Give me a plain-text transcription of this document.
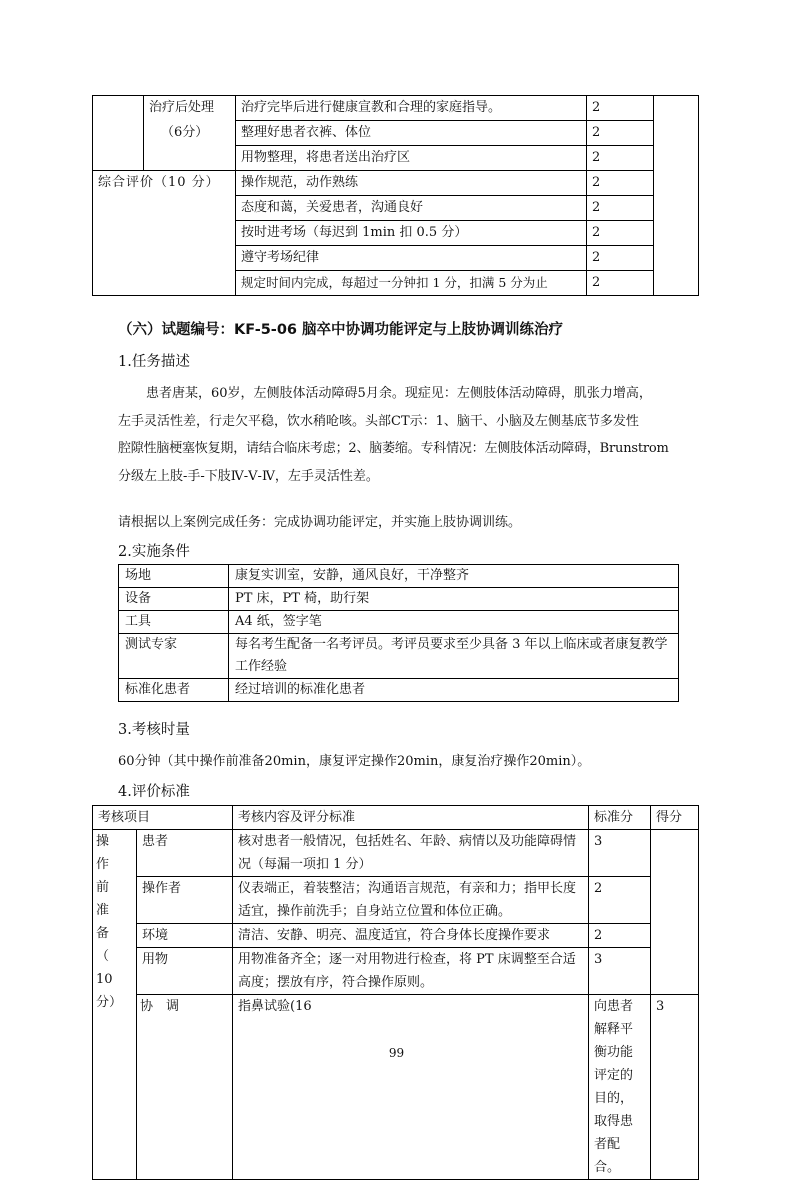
	治疗后处理
（6分）	治疗完毕后进行健康宣教和合理的家庭指导。	2	
		整理好患者衣裤、体位	2	
		用物整理，将患者送出治疗区	2	
综合评价（10 分）		操作规范，动作熟练	2	
		态度和蔼，关爱患者，沟通良好	2	
		按时进考场（每迟到 1min 扣 0.5 分）	2	
		遵守考场纪律	2	
		规定时间内完成，每超过一分钟扣 1 分，扣满 5 分为止	2	
（六）试题编号：KF-5-06 脑卒中协调功能评定与上肢协调训练治疗
1.任务描述
患者唐某，60岁，左侧肢体活动障碍5月余。现症见：左侧肢体活动障碍，肌张力增高，
左手灵活性差，行走欠平稳，饮水稍呛咳。头部CT示：1、脑干、小脑及左侧基底节多发性
腔隙性脑梗塞恢复期，请结合临床考虑；2、脑萎缩。专科情况：左侧肢体活动障碍，Brunstrom
分级左上肢-手-下肢Ⅳ-Ⅴ-Ⅳ，左手灵活性差。
请根据以上案例完成任务：完成协调功能评定，并实施上肢协调训练。
2.实施条件
场地	康复实训室，安静，通风良好，干净整齐
设备	PT 床，PT 椅，助行架
工具	A4 纸，签字笔
测试专家	每名考生配备一名考评员。考评员要求至少具备 3 年以上临床或者康复教学工作经验
标准化患者	经过培训的标准化患者
3.考核时量
60分钟（其中操作前准备20min，康复评定操作20min，康复治疗操作20min）。
4.评价标准
考核项目		考核内容及评分标准	标准分	得分	

操　作
前　准
备
（　10
分）	患者	核对患者一般情况，包括姓名、年龄、病情以及功能障碍情况（每漏一项扣 1 分）	3		
	操作者	仪表端正，着装整洁；沟通语言规范，有亲和力；指甲长度适宜，操作前洗手；自身站立位置和体位正确。	2		
	环境	清洁、安静、明亮、温度适宜，符合身体长度操作要求	2		
	用物	用物准备齐全；逐一对用物进行检查，将 PT 床调整至合适高度；摆放有序，符合操作原则。	3		
	协　调	指鼻试验(16	向患者解释平衡功能评定的目的，取得患者配合。	3	
99
